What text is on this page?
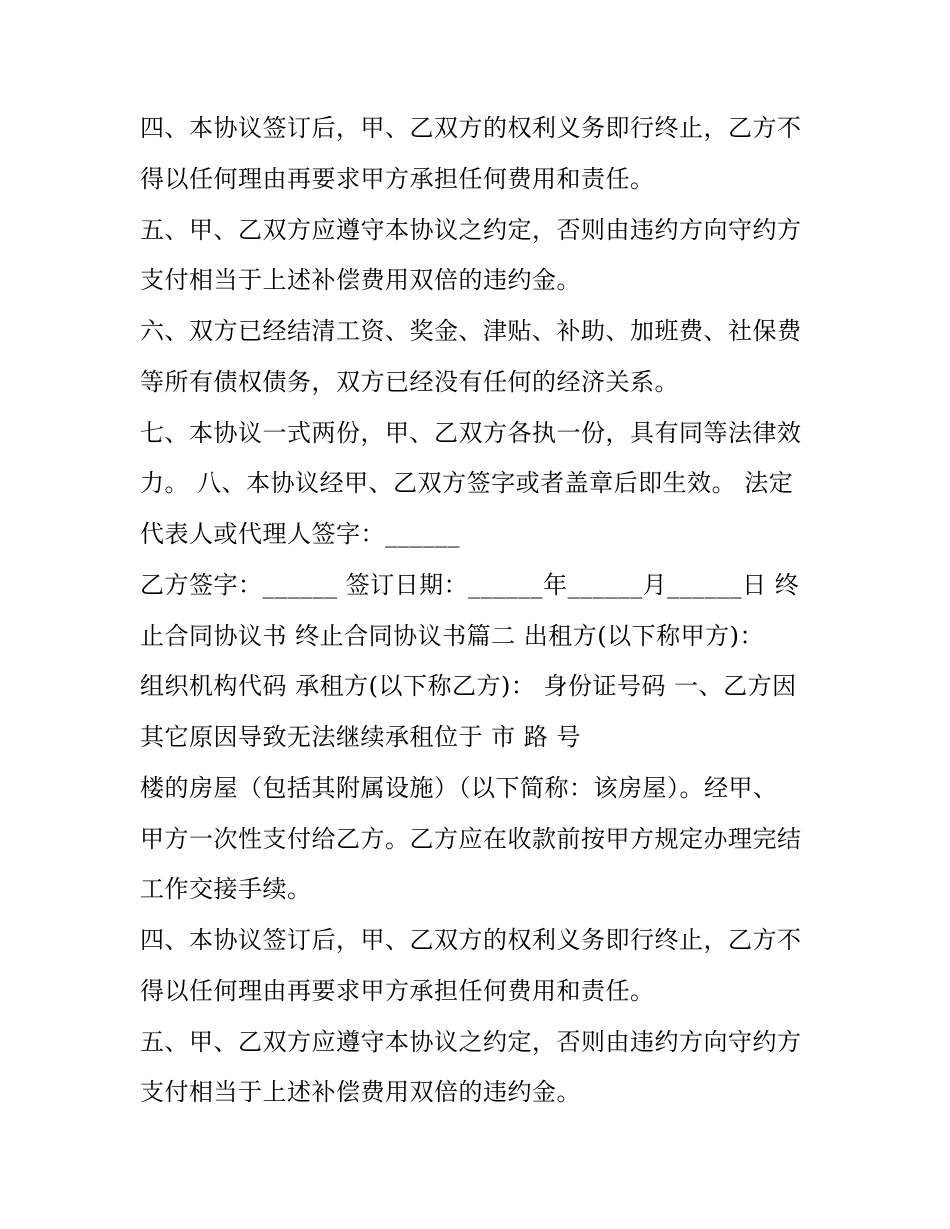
四、本协议签订后，甲、乙双方的权利义务即行终止，乙方不
得以任何理由再要求甲方承担任何费用和责任。
五、甲、乙双方应遵守本协议之约定，否则由违约方向守约方
支付相当于上述补偿费用双倍的违约金。
六、双方已经结清工资、奖金、津贴、补助、加班费、社保费
等所有债权债务，双方已经没有任何的经济关系。
七、本协议一式两份，甲、乙双方各执一份，具有同等法律效
力。 八、本协议经甲、乙双方签字或者盖章后即生效。 法定
代表人或代理人签字：______
乙方签字：______ 签订日期：______年______月______日 终
止合同协议书 终止合同协议书篇二 出租方(以下称甲方)：
组织机构代码 承租方(以下称乙方)： 身份证号码 一、乙方因
其它原因导致无法继续承租位于 市 路 号
楼的房屋（包括其附属设施）（以下简称：该房屋）。经甲、
甲方一次性支付给乙方。乙方应在收款前按甲方规定办理完结
工作交接手续。
四、本协议签订后，甲、乙双方的权利义务即行终止，乙方不
得以任何理由再要求甲方承担任何费用和责任。
五、甲、乙双方应遵守本协议之约定，否则由违约方向守约方
支付相当于上述补偿费用双倍的违约金。
